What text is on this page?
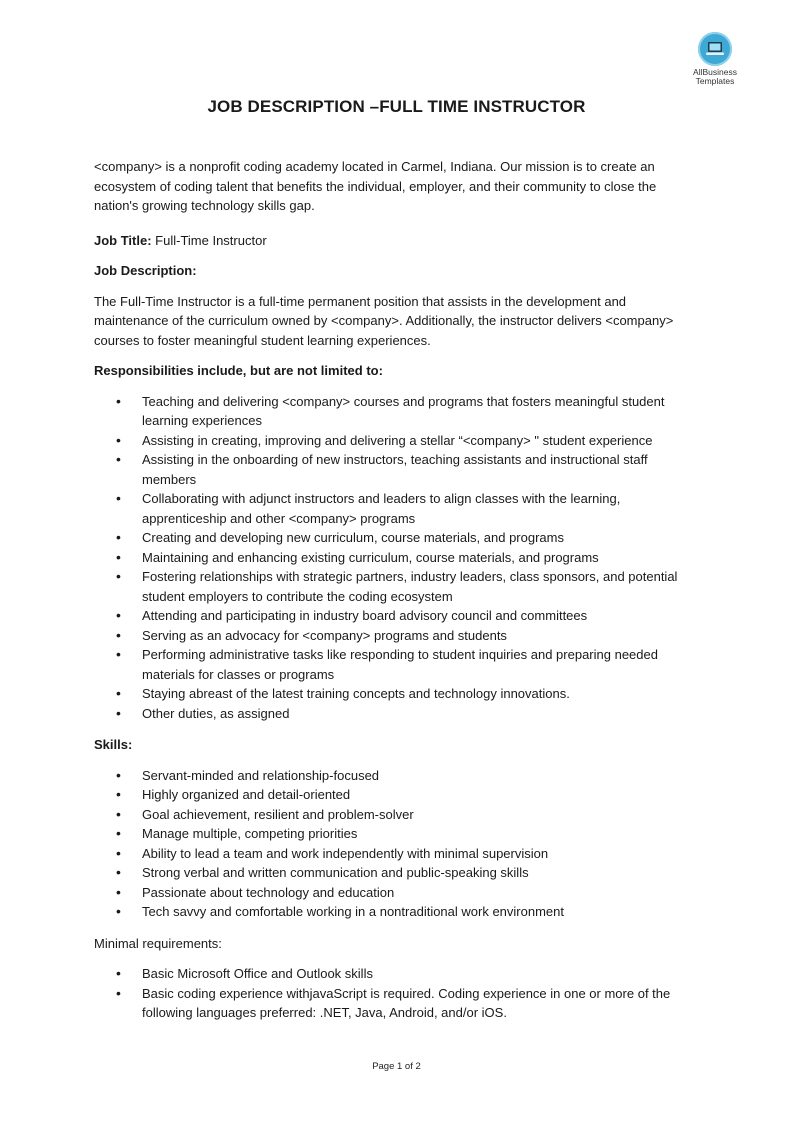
AllBusiness
Templates
JOB DESCRIPTION –FULL TIME INSTRUCTOR

<company> is a nonprofit coding academy located in Carmel, Indiana. Our mission is to create an ecosystem of coding talent that benefits the individual, employer, and their community to close the nation's growing technology skills gap.

Job Title: Full-Time Instructor

Job Description:

The Full-Time Instructor is a full-time permanent position that assists in the development and maintenance of the curriculum owned by <company>. Additionally, the instructor delivers <company> courses to foster meaningful student learning experiences.

Responsibilities include, but are not limited to:

• Teaching and delivering <company> courses and programs that fosters meaningful student learning experiences
• Assisting in creating, improving and delivering a stellar “<company> " student experience
• Assisting in the onboarding of new instructors, teaching assistants and instructional staff members
• Collaborating with adjunct instructors and leaders to align classes with the learning, apprenticeship and other <company> programs
• Creating and developing new curriculum, course materials, and programs
• Maintaining and enhancing existing curriculum, course materials, and programs
• Fostering relationships with strategic partners, industry leaders, class sponsors, and potential student employers to contribute the coding ecosystem
• Attending and participating in industry board advisory council and committees
• Serving as an advocacy for <company> programs and students
• Performing administrative tasks like responding to student inquiries and preparing needed materials for classes or programs
• Staying abreast of the latest training concepts and technology innovations.
• Other duties, as assigned

Skills:

• Servant-minded and relationship-focused
• Highly organized and detail-oriented
• Goal achievement, resilient and problem-solver
• Manage multiple, competing priorities
• Ability to lead a team and work independently with minimal supervision
• Strong verbal and written communication and public-speaking skills
• Passionate about technology and education
• Tech savvy and comfortable working in a nontraditional work environment

Minimal requirements:

• Basic Microsoft Office and Outlook skills
• Basic coding experience withjavaScript is required. Coding experience in one or more of the following languages preferred: .NET, Java, Android, and/or iOS.
Page 1 of 2
